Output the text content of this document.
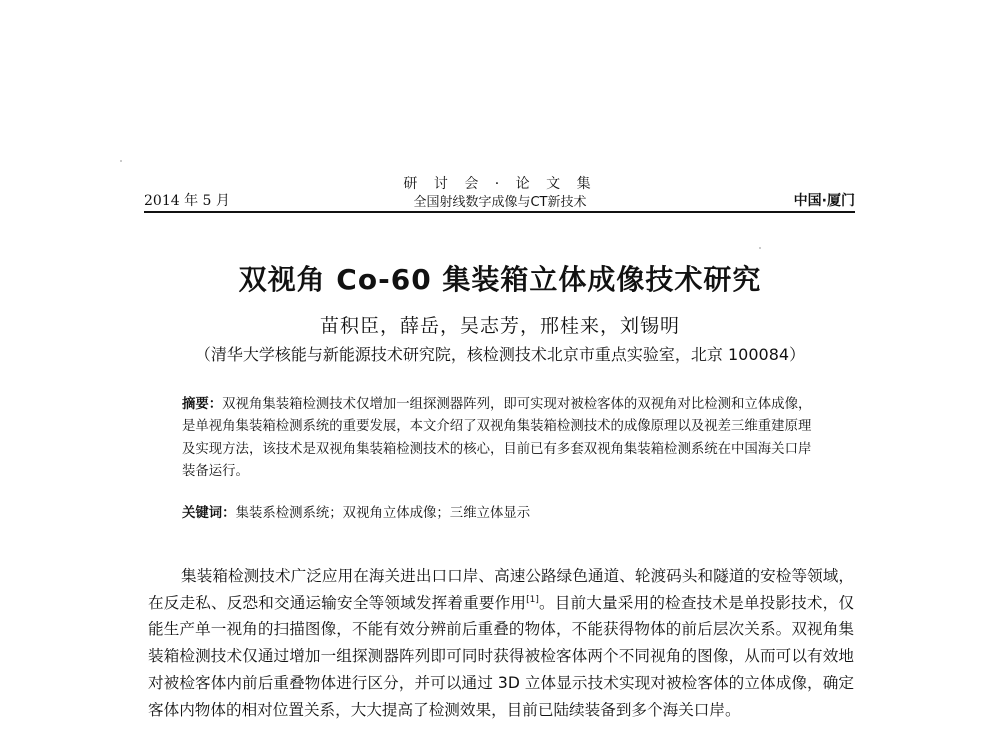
研 讨 会 · 论 文 集
2014 年 5 月	全国射线数字成像与CT新技术	中国·厦门
双视角 Co-60 集装箱立体成像技术研究
苗积臣，薛岳，吴志芳，邢桂来，刘锡明
（清华大学核能与新能源技术研究院，核检测技术北京市重点实验室，北京 100084）
摘要：双视角集装箱检测技术仅增加一组探测器阵列，即可实现对被检客体的双视角对比检测和立体成像，是单视角集装箱检测系统的重要发展，本文介绍了双视角集装箱检测技术的成像原理以及视差三维重建原理及实现方法，该技术是双视角集装箱检测技术的核心，目前已有多套双视角集装箱检测系统在中国海关口岸装备运行。
关键词：集装系检测系统；双视角立体成像；三维立体显示
集装箱检测技术广泛应用在海关进出口口岸、高速公路绿色通道、轮渡码头和隧道的安检等领域，在反走私、反恐和交通运输安全等领域发挥着重要作用[1]。目前大量采用的检查技术是单投影技术，仅能生产单一视角的扫描图像，不能有效分辨前后重叠的物体，不能获得物体的前后层次关系。双视角集装箱检测技术仅通过增加一组探测器阵列即可同时获得被检客体两个不同视角的图像，从而可以有效地对被检客体内前后重叠物体进行区分，并可以通过 3D 立体显示技术实现对被检客体的立体成像，确定客体内物体的相对位置关系，大大提高了检测效果，目前已陆续装备到多个海关口岸。
